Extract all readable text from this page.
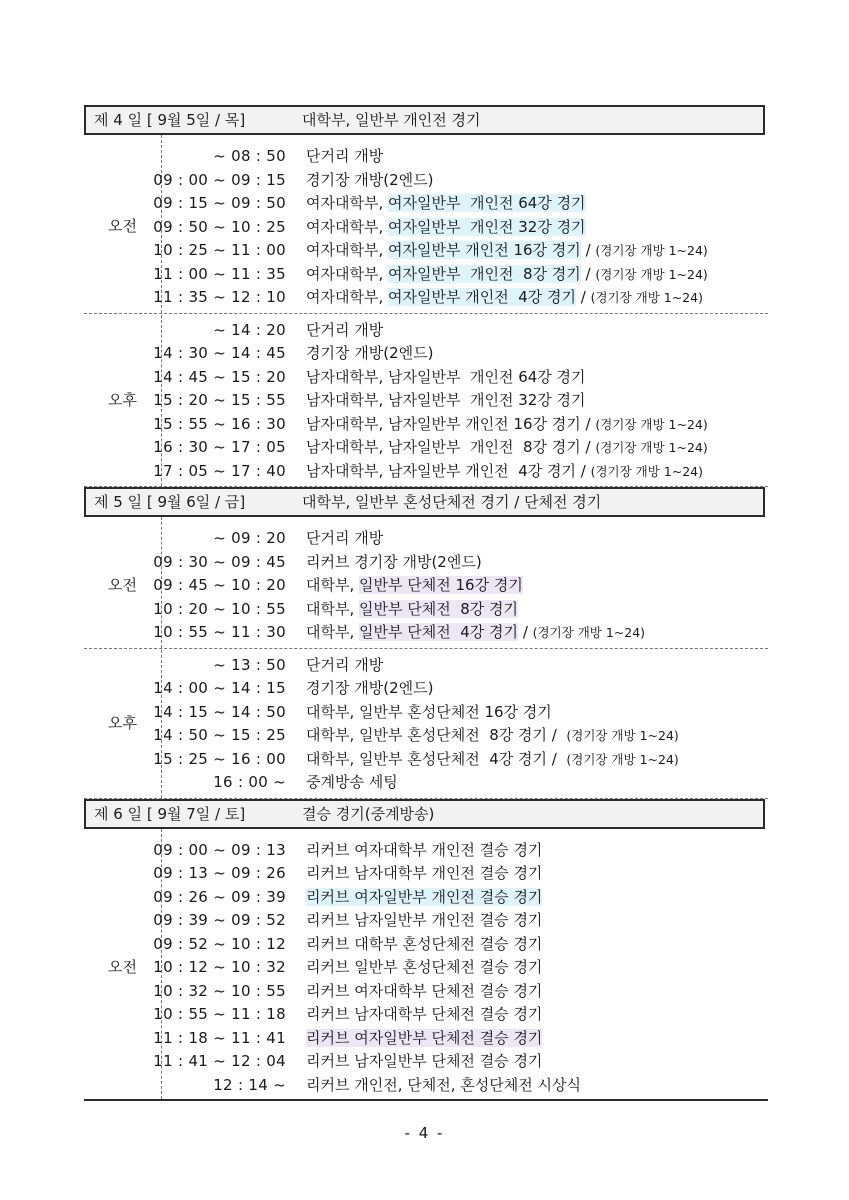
제 4 일 [ 9월 5일 / 목]	대학부, 일반부 개인전 경기
오전
~ 08 : 50 단거리 개방
09 : 00 ~ 09 : 15 경기장 개방(2엔드)
09 : 15 ~ 09 : 50 여자대학부, 여자일반부  개인전 64강 경기
09 : 50 ~ 10 : 25 여자대학부, 여자일반부  개인전 32강 경기
10 : 25 ~ 11 : 00 여자대학부, 여자일반부 개인전 16강 경기 / (경기장 개방 1~24)
11 : 00 ~ 11 : 35 여자대학부, 여자일반부  개인전  8강 경기 / (경기장 개방 1~24)
11 : 35 ~ 12 : 10 여자대학부, 여자일반부 개인전  4강 경기 / (경기장 개방 1~24)
오후
~ 14 : 20 단거리 개방
14 : 30 ~ 14 : 45 경기장 개방(2엔드)
14 : 45 ~ 15 : 20 남자대학부, 남자일반부  개인전 64강 경기
15 : 20 ~ 15 : 55 남자대학부, 남자일반부  개인전 32강 경기
15 : 55 ~ 16 : 30 남자대학부, 남자일반부 개인전 16강 경기 / (경기장 개방 1~24)
16 : 30 ~ 17 : 05 남자대학부, 남자일반부  개인전  8강 경기 / (경기장 개방 1~24)
17 : 05 ~ 17 : 40 남자대학부, 남자일반부 개인전  4강 경기 / (경기장 개방 1~24)
제 5 일 [ 9월 6일 / 금]	대학부, 일반부 혼성단체전 경기 / 단체전 경기
오전
~ 09 : 20 단거리 개방
09 : 30 ~ 09 : 45 리커브 경기장 개방(2엔드)
09 : 45 ~ 10 : 20 대학부, 일반부 단체전 16강 경기
10 : 20 ~ 10 : 55 대학부, 일반부 단체전  8강 경기
10 : 55 ~ 11 : 30 대학부, 일반부 단체전  4강 경기 / (경기장 개방 1~24)
오후
~ 13 : 50 단거리 개방
14 : 00 ~ 14 : 15 경기장 개방(2엔드)
14 : 15 ~ 14 : 50 대학부, 일반부 혼성단체전 16강 경기
14 : 50 ~ 15 : 25 대학부, 일반부 혼성단체전  8강 경기 /  (경기장 개방 1~24)
15 : 25 ~ 16 : 00 대학부, 일반부 혼성단체전  4강 경기 /  (경기장 개방 1~24)
16 : 00 ~ 중계방송 세팅
제 6 일 [ 9월 7일 / 토]	결승 경기(중계방송)
오전
09 : 00 ~ 09 : 13 리커브 여자대학부 개인전 결승 경기
09 : 13 ~ 09 : 26 리커브 남자대학부 개인전 결승 경기
09 : 26 ~ 09 : 39 리커브 여자일반부 개인전 결승 경기
09 : 39 ~ 09 : 52 리커브 남자일반부 개인전 결승 경기
09 : 52 ~ 10 : 12 리커브 대학부 혼성단체전 결승 경기
10 : 12 ~ 10 : 32 리커브 일반부 혼성단체전 결승 경기
10 : 32 ~ 10 : 55 리커브 여자대학부 단체전 결승 경기
10 : 55 ~ 11 : 18 리커브 남자대학부 단체전 결승 경기
11 : 18 ~ 11 : 41 리커브 여자일반부 단체전 결승 경기
11 : 41 ~ 12 : 04 리커브 남자일반부 단체전 결승 경기
12 : 14 ~ 리커브 개인전, 단체전, 혼성단체전 시상식
- 4 -
